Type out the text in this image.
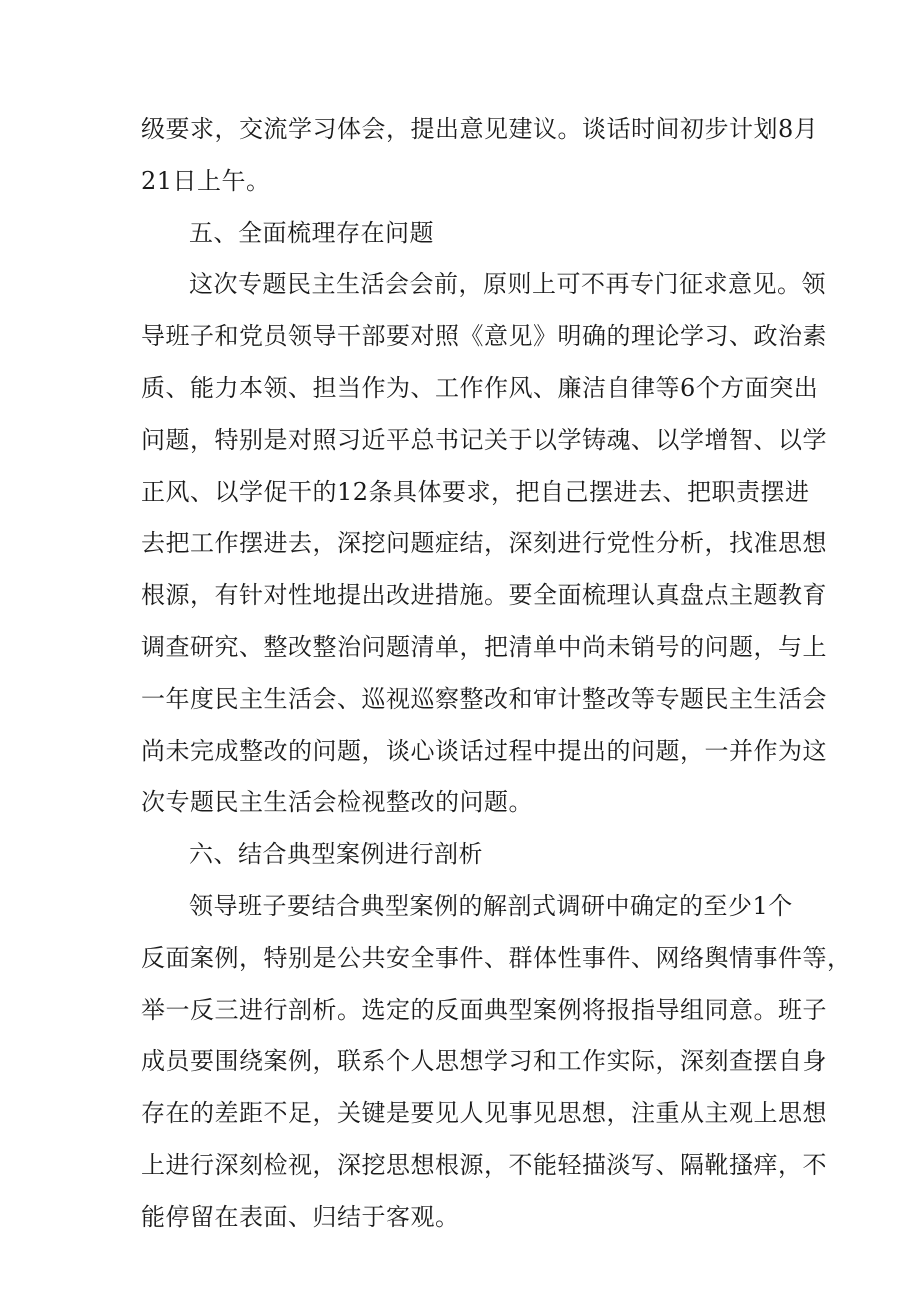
级要求，交流学习体会，提出意见建议。谈话时间初步计划8月
21日上午。
五、全面梳理存在问题
这次专题民主生活会会前，原则上可不再专门征求意见。领
导班子和党员领导干部要对照《意见》明确的理论学习、政治素
质、能力本领、担当作为、工作作风、廉洁自律等6个方面突出
问题，特别是对照习近平总书记关于以学铸魂、以学增智、以学
正风、以学促干的12条具体要求，把自己摆进去、把职责摆进
去把工作摆进去，深挖问题症结，深刻进行党性分析，找准思想
根源，有针对性地提出改进措施。要全面梳理认真盘点主题教育
调查研究、整改整治问题清单，把清单中尚未销号的问题，与上
一年度民主生活会、巡视巡察整改和审计整改等专题民主生活会
尚未完成整改的问题，谈心谈话过程中提出的问题，一并作为这
次专题民主生活会检视整改的问题。
六、结合典型案例进行剖析
领导班子要结合典型案例的解剖式调研中确定的至少1个
反面案例，特别是公共安全事件、群体性事件、网络舆情事件等，
举一反三进行剖析。选定的反面典型案例将报指导组同意。班子
成员要围绕案例，联系个人思想学习和工作实际，深刻查摆自身
存在的差距不足，关键是要见人见事见思想，注重从主观上思想
上进行深刻检视，深挖思想根源，不能轻描淡写、隔靴搔痒，不
能停留在表面、归结于客观。
